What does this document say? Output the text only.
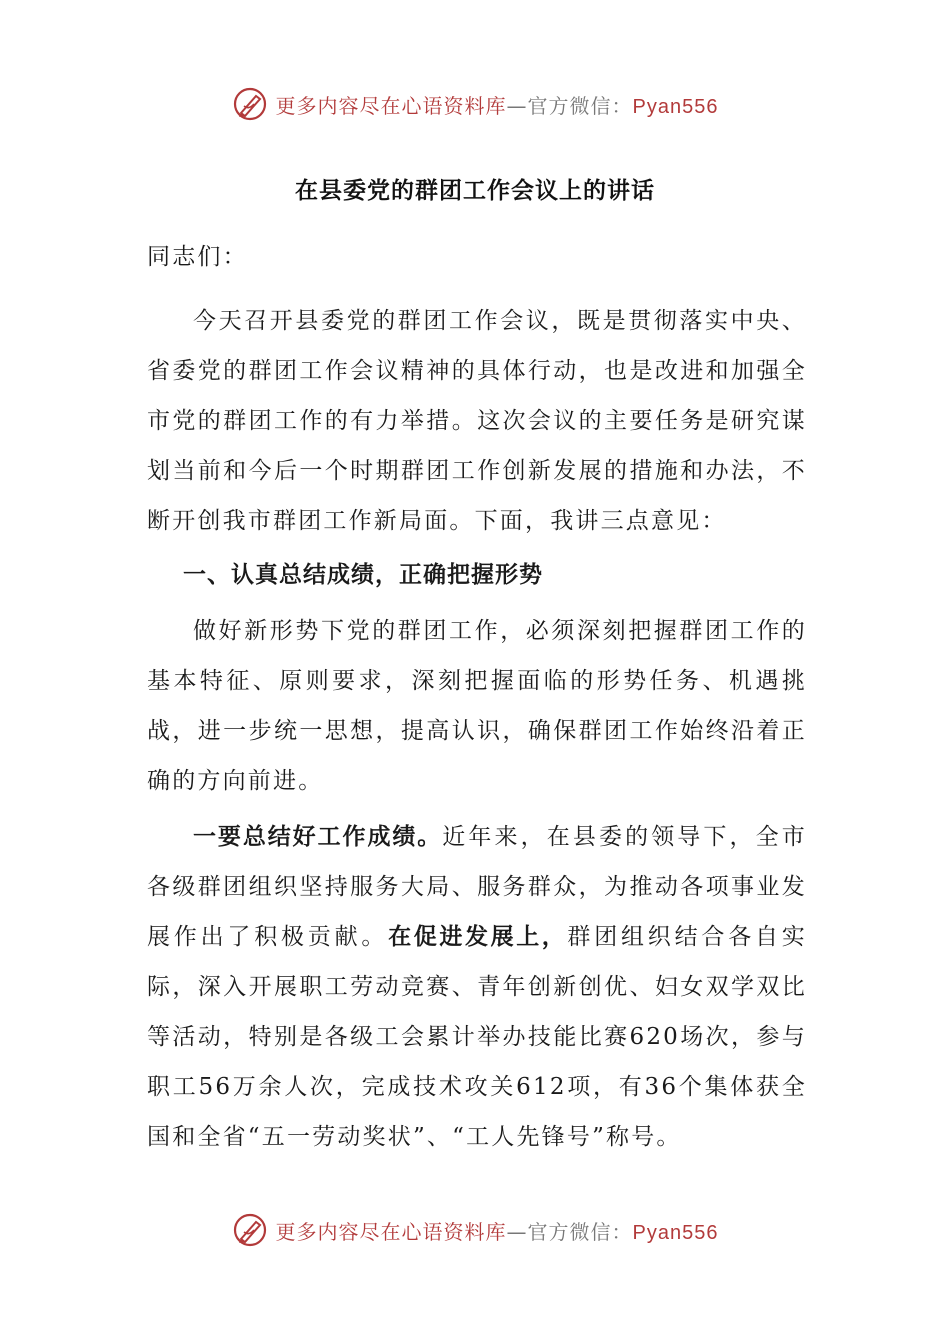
更多内容尽在心语资料库—官方微信：Pyan556
在县委党的群团工作会议上的讲话

同志们：

今天召开县委党的群团工作会议，既是贯彻落实中央、省委党的群团工作会议精神的具体行动，也是改进和加强全市党的群团工作的有力举措。这次会议的主要任务是研究谋划当前和今后一个时期群团工作创新发展的措施和办法，不断开创我市群团工作新局面。下面，我讲三点意见：

一、认真总结成绩，正确把握形势

做好新形势下党的群团工作，必须深刻把握群团工作的基本特征、原则要求，深刻把握面临的形势任务、机遇挑战，进一步统一思想，提高认识，确保群团工作始终沿着正确的方向前进。

一要总结好工作成绩。近年来，在县委的领导下，全市各级群团组织坚持服务大局、服务群众，为推动各项事业发展作出了积极贡献。在促进发展上，群团组织结合各自实际，深入开展职工劳动竞赛、青年创新创优、妇女双学双比等活动，特别是各级工会累计举办技能比赛620场次，参与职工56万余人次，完成技术攻关612项，有36个集体获全国和全省“五一劳动奖状”、“工人先锋号”称号。

更多内容尽在心语资料库—官方微信：Pyan556
